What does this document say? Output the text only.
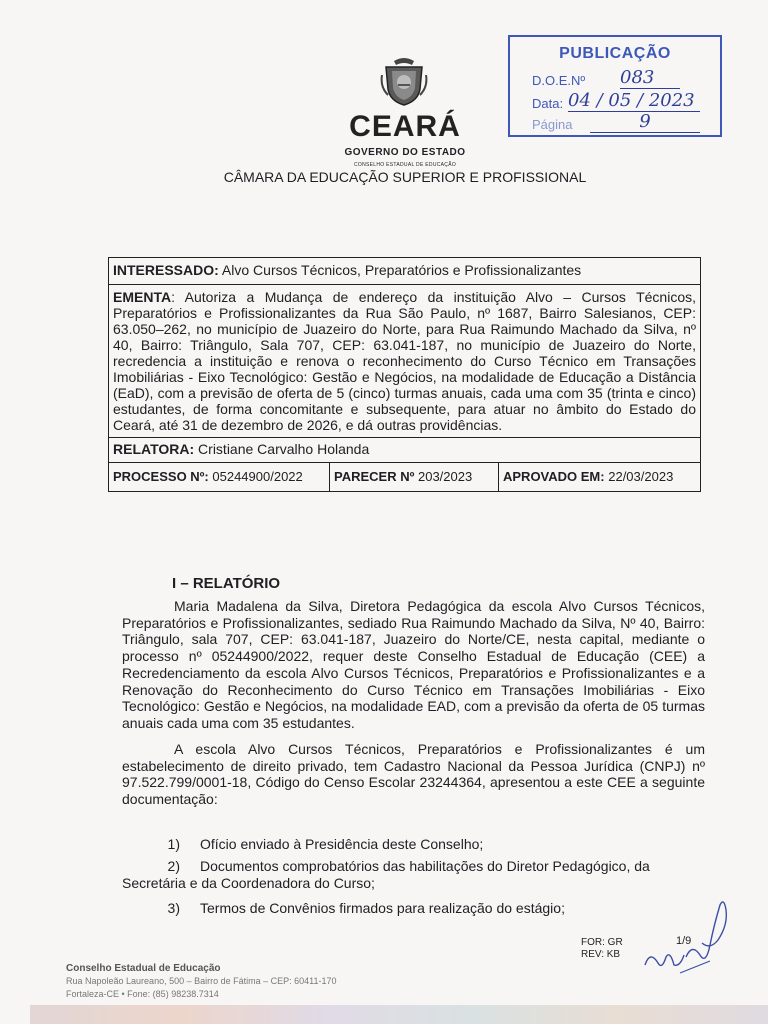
PUBLICAÇÃO
D.O.E.Nº 083
Data: 04 / 05 / 2023
Página	9
CEARÁ
GOVERNO DO ESTADO
CONSELHO ESTADUAL DE EDUCAÇÃO
CÂMARA DA EDUCAÇÃO SUPERIOR E PROFISSIONAL
INTERESSADO: Alvo Cursos Técnicos, Preparatórios e Profissionalizantes
EMENTA: Autoriza a Mudança de endereço da instituição Alvo – Cursos Técnicos, Preparatórios e Profissionalizantes da Rua São Paulo, nº 1687, Bairro Salesianos, CEP: 63.050–262, no município de Juazeiro do Norte, para Rua Raimundo Machado da Silva, nº 40, Bairro: Triângulo, Sala 707, CEP: 63.041-187, no município de Juazeiro do Norte, recredencia a instituição e renova o reconhecimento do Curso Técnico em Transações Imobiliárias - Eixo Tecnológico: Gestão e Negócios, na modalidade de Educação a Distância (EaD), com a previsão de oferta de 5 (cinco) turmas anuais, cada uma com 35 (trinta e cinco) estudantes, de forma concomitante e subsequente, para atuar no âmbito do Estado do Ceará, até 31 de dezembro de 2026, e dá outras providências.
RELATORA: Cristiane Carvalho Holanda
PROCESSO Nº: 05244900/2022	PARECER Nº 203/2023	APROVADO EM: 22/03/2023
I – RELATÓRIO
Maria Madalena da Silva, Diretora Pedagógica da escola Alvo Cursos Técnicos, Preparatórios e Profissionalizantes, sediado Rua Raimundo Machado da Silva, Nº 40, Bairro: Triângulo, sala 707, CEP: 63.041-187, Juazeiro do Norte/CE, nesta capital, mediante o processo nº 05244900/2022, requer deste Conselho Estadual de Educação (CEE) a Recredenciamento da escola Alvo Cursos Técnicos, Preparatórios e Profissionalizantes e a Renovação do Reconhecimento do Curso Técnico em Transações Imobiliárias - Eixo Tecnológico: Gestão e Negócios, na modalidade EAD, com a previsão da oferta de 05 turmas anuais cada uma com 35 estudantes.
A escola Alvo Cursos Técnicos, Preparatórios e Profissionalizantes é um estabelecimento de direito privado, tem Cadastro Nacional da Pessoa Jurídica (CNPJ) nº 97.522.799/0001-18, Código do Censo Escolar 23244364, apresentou a este CEE a seguinte documentação:
1) Ofício enviado à Presidência deste Conselho;
2) Documentos comprobatórios das habilitações do Diretor Pedagógico, da Secretária e da Coordenadora do Curso;
3) Termos de Convênios firmados para realização do estágio;
FOR: GR
REV: KB
1/9
Conselho Estadual de Educação
Rua Napoleão Laureano, 500 – Bairro de Fátima – CEP: 60411-170
Fortaleza-CE • Fone: (85) 98238.7314
